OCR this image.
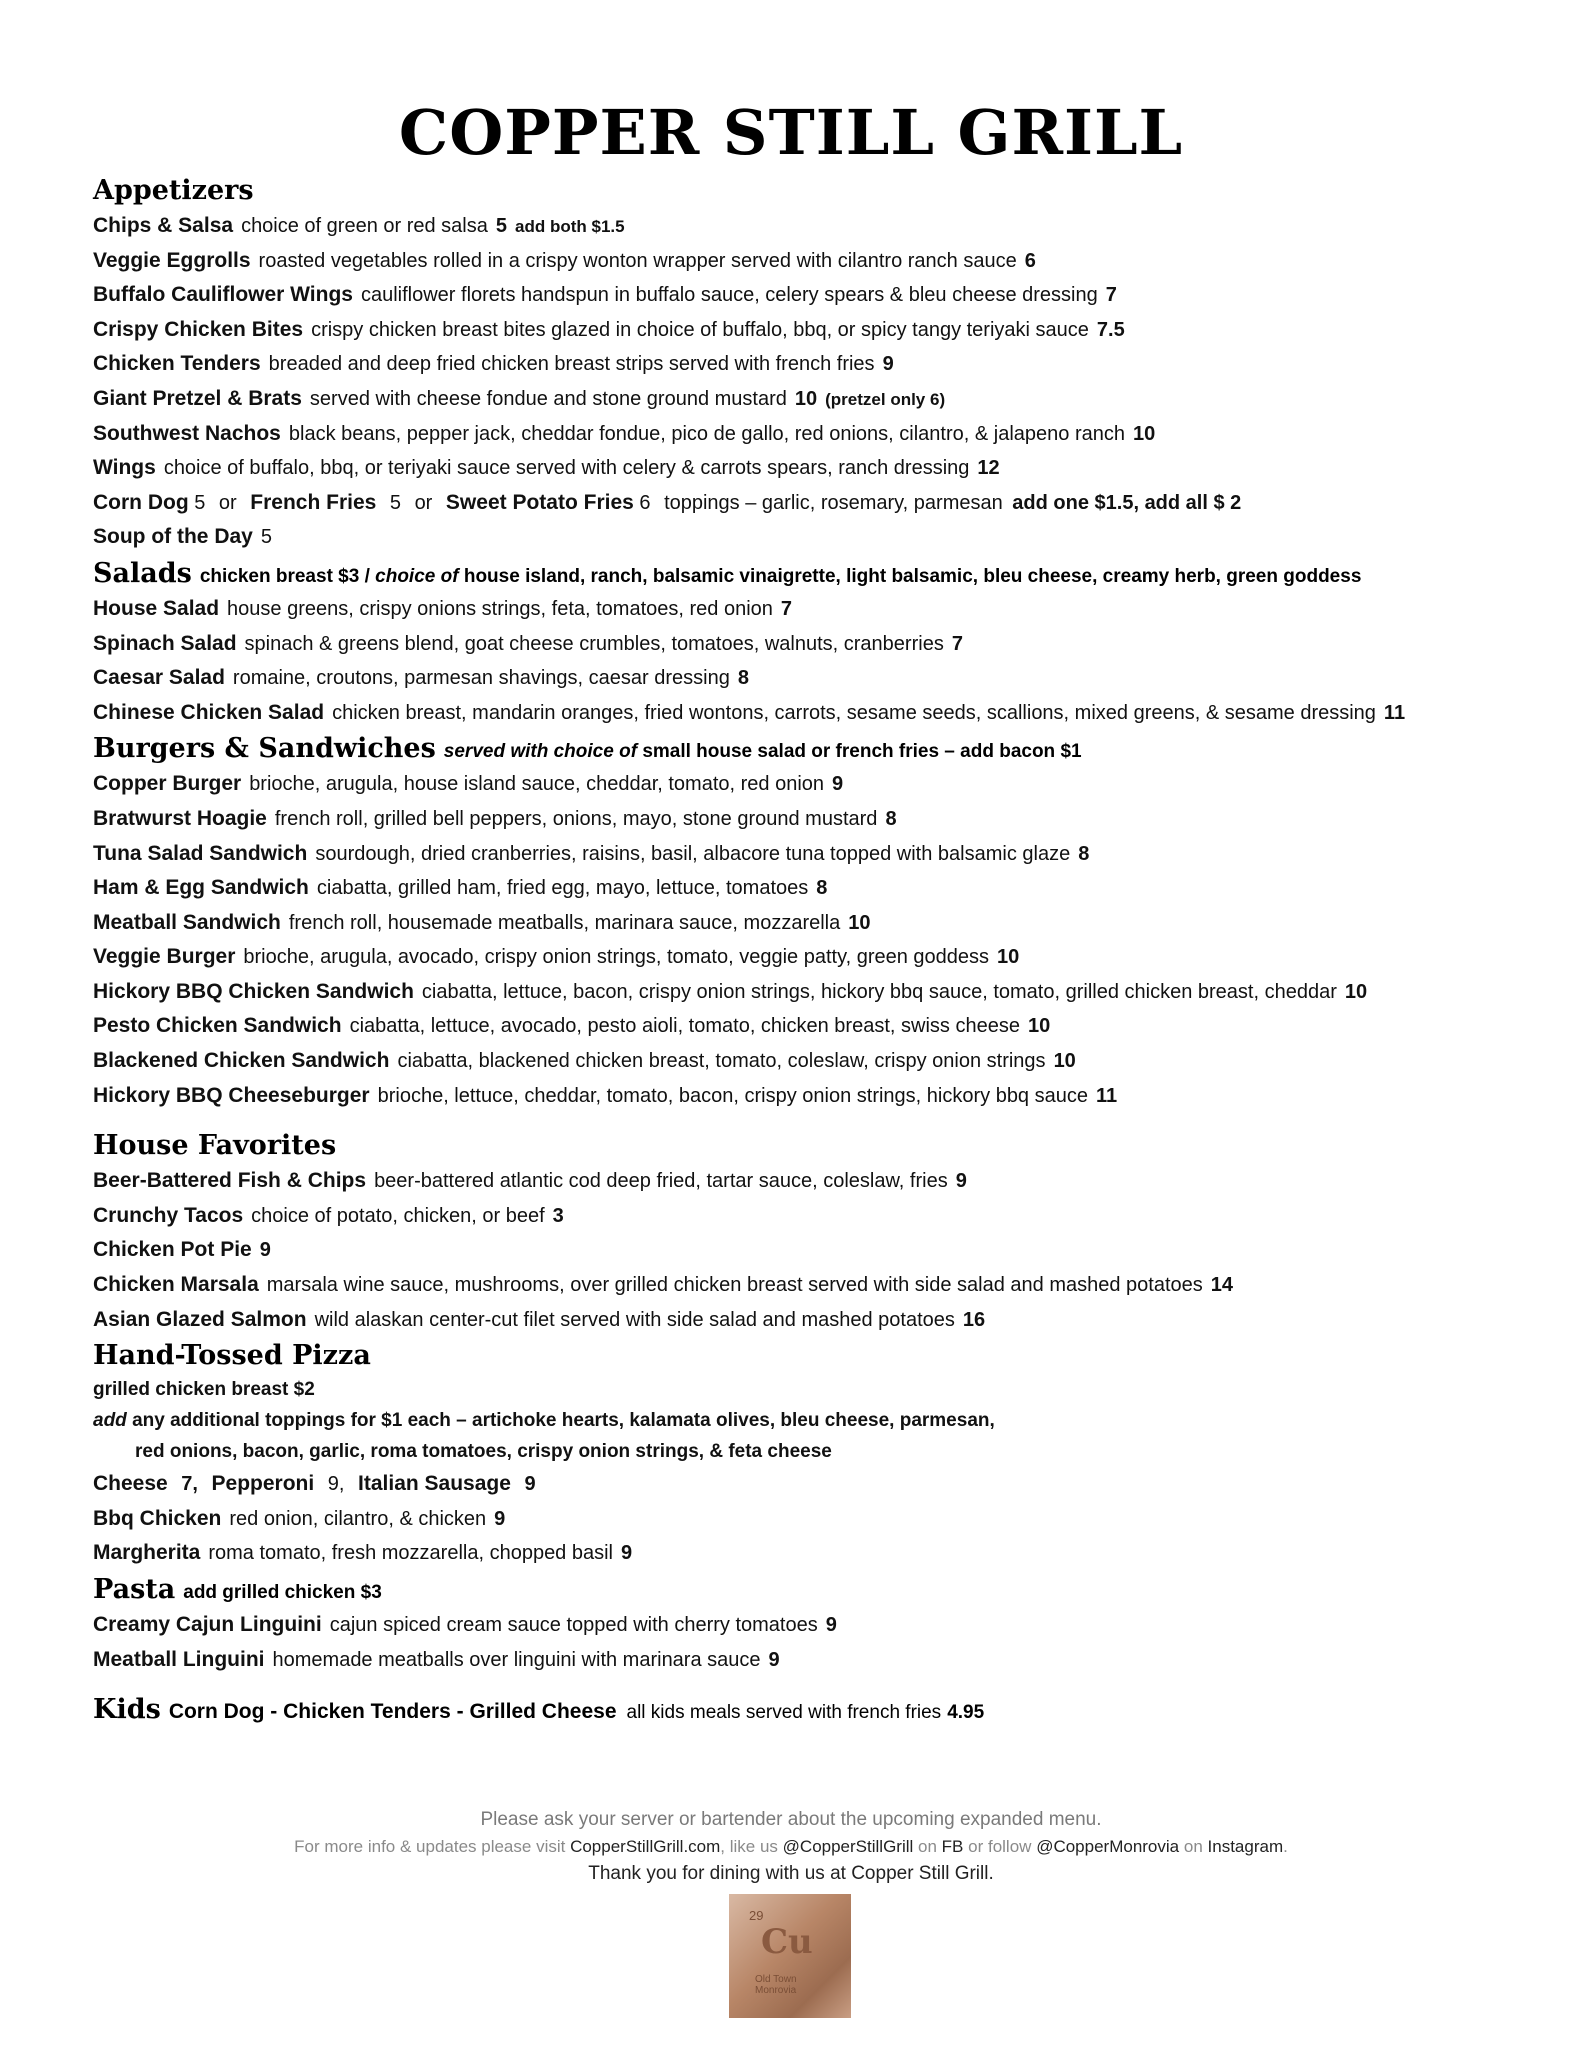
COPPER STILL GRILL
Appetizers
Chips & Salsa choice of green or red salsa 5 add both $1.5
Veggie Eggrolls roasted vegetables rolled in a crispy wonton wrapper served with cilantro ranch sauce 6
Buffalo Cauliflower Wings cauliflower florets handspun in buffalo sauce, celery spears & bleu cheese dressing 7
Crispy Chicken Bites crispy chicken breast bites glazed in choice of buffalo, bbq, or spicy tangy teriyaki sauce 7.5
Chicken Tenders breaded and deep fried chicken breast strips served with french fries 9
Giant Pretzel & Brats served with cheese fondue and stone ground mustard 10 (pretzel only 6)
Southwest Nachos black beans, pepper jack, cheddar fondue, pico de gallo, red onions, cilantro, & jalapeno ranch 10
Wings choice of buffalo, bbq, or teriyaki sauce served with celery & carrots spears, ranch dressing 12
Corn Dog 5 or French Fries 5 or Sweet Potato Fries 6 toppings – garlic, rosemary, parmesan add one $1.5, add all $ 2
Soup of the Day 5
Salads chicken breast $3 / choice of house island, ranch, balsamic vinaigrette, light balsamic, bleu cheese, creamy herb, green goddess
House Salad house greens, crispy onions strings, feta, tomatoes, red onion 7
Spinach Salad spinach & greens blend, goat cheese crumbles, tomatoes, walnuts, cranberries 7
Caesar Salad romaine, croutons, parmesan shavings, caesar dressing 8
Chinese Chicken Salad chicken breast, mandarin oranges, fried wontons, carrots, sesame seeds, scallions, mixed greens, & sesame dressing 11
Burgers & Sandwiches served with choice of small house salad or french fries – add bacon $1
Copper Burger brioche, arugula, house island sauce, cheddar, tomato, red onion 9
Bratwurst Hoagie french roll, grilled bell peppers, onions, mayo, stone ground mustard 8
Tuna Salad Sandwich sourdough, dried cranberries, raisins, basil, albacore tuna topped with balsamic glaze 8
Ham & Egg Sandwich ciabatta, grilled ham, fried egg, mayo, lettuce, tomatoes 8
Meatball Sandwich french roll, housemade meatballs, marinara sauce, mozzarella 10
Veggie Burger brioche, arugula, avocado, crispy onion strings, tomato, veggie patty, green goddess 10
Hickory BBQ Chicken Sandwich ciabatta, lettuce, bacon, crispy onion strings, hickory bbq sauce, tomato, grilled chicken breast, cheddar 10
Pesto Chicken Sandwich ciabatta, lettuce, avocado, pesto aioli, tomato, chicken breast, swiss cheese 10
Blackened Chicken Sandwich ciabatta, blackened chicken breast, tomato, coleslaw, crispy onion strings 10
Hickory BBQ Cheeseburger brioche, lettuce, cheddar, tomato, bacon, crispy onion strings, hickory bbq sauce 11
House Favorites
Beer-Battered Fish & Chips beer-battered atlantic cod deep fried, tartar sauce, coleslaw, fries 9
Crunchy Tacos choice of potato, chicken, or beef 3
Chicken Pot Pie 9
Chicken Marsala marsala wine sauce, mushrooms, over grilled chicken breast served with side salad and mashed potatoes 14
Asian Glazed Salmon wild alaskan center-cut filet served with side salad and mashed potatoes 16
Hand-Tossed Pizza
grilled chicken breast $2
add any additional toppings for $1 each – artichoke hearts, kalamata olives, bleu cheese, parmesan,
red onions, bacon, garlic, roma tomatoes, crispy onion strings, & feta cheese
Cheese 7, Pepperoni 9, Italian Sausage 9
Bbq Chicken red onion, cilantro, & chicken 9
Margherita roma tomato, fresh mozzarella, chopped basil 9
Pasta add grilled chicken $3
Creamy Cajun Linguini cajun spiced cream sauce topped with cherry tomatoes 9
Meatball Linguini homemade meatballs over linguini with marinara sauce 9
Kids Corn Dog - Chicken Tenders - Grilled Cheese all kids meals served with french fries 4.95
Please ask your server or bartender about the upcoming expanded menu.
For more info & updates please visit CopperStillGrill.com, like us @CopperStillGrill on FB or follow @CopperMonrovia on Instagram.
Thank you for dining with us at Copper Still Grill.
29
Cu
Old Town Monrovia
